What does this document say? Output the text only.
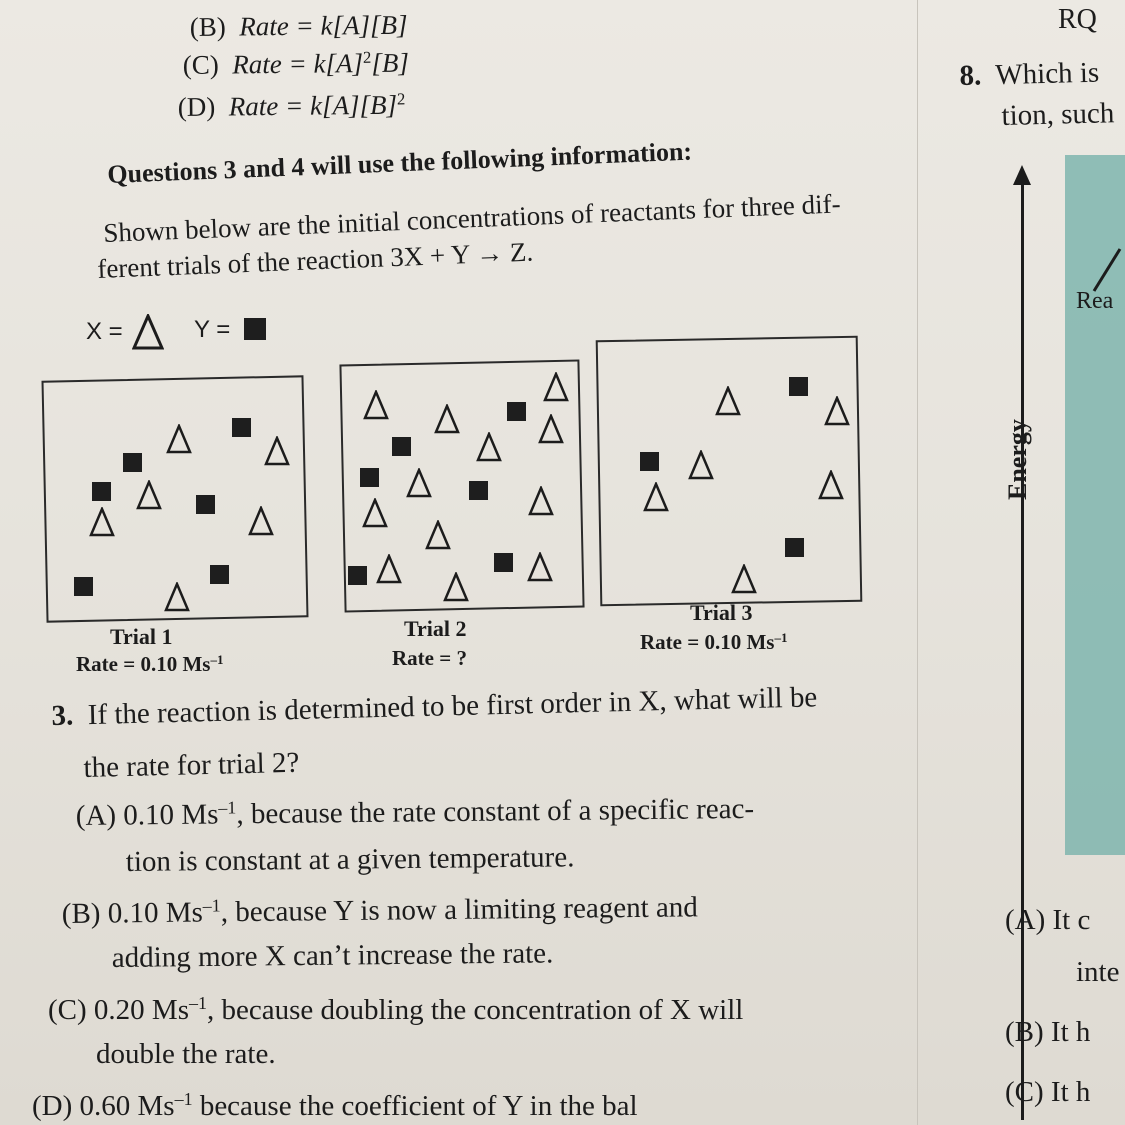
(B) Rate = k[A][B]
(C) Rate = $k[A]^2[B]$
(D) Rate = $k[A][B]^2$
Questions 3 and 4 will use the following information:
Shown below are the initial concentrations of reactants for three dif-
ferent trials of the reaction 3X + Y → Z.
X =	Y =
Trial 1
Rate = 0.10 $Ms^{-1}$
Trial 2
Rate = ?
Trial 3
Rate = 0.10 $Ms^{-1}$
3. If the reaction is determined to be first order in X, what will be
the rate for trial 2?
(A) 0.10 $Ms^{-1}$, because the rate constant of a specific reac-
tion is constant at a given temperature.
(B) 0.10 $Ms^{-1}$, because Y is now a limiting reagent and
adding more X can’t increase the rate.
(C) 0.20 $Ms^{-1}$, because doubling the concentration of X will
double the rate.
(D) 0.60 $Ms^{-1}$ because the coefficient of Y in the bal
Rea
Energy
RQ
8. Which is
tion, such
(A) It c
inte
(B) It h
(C) It h
